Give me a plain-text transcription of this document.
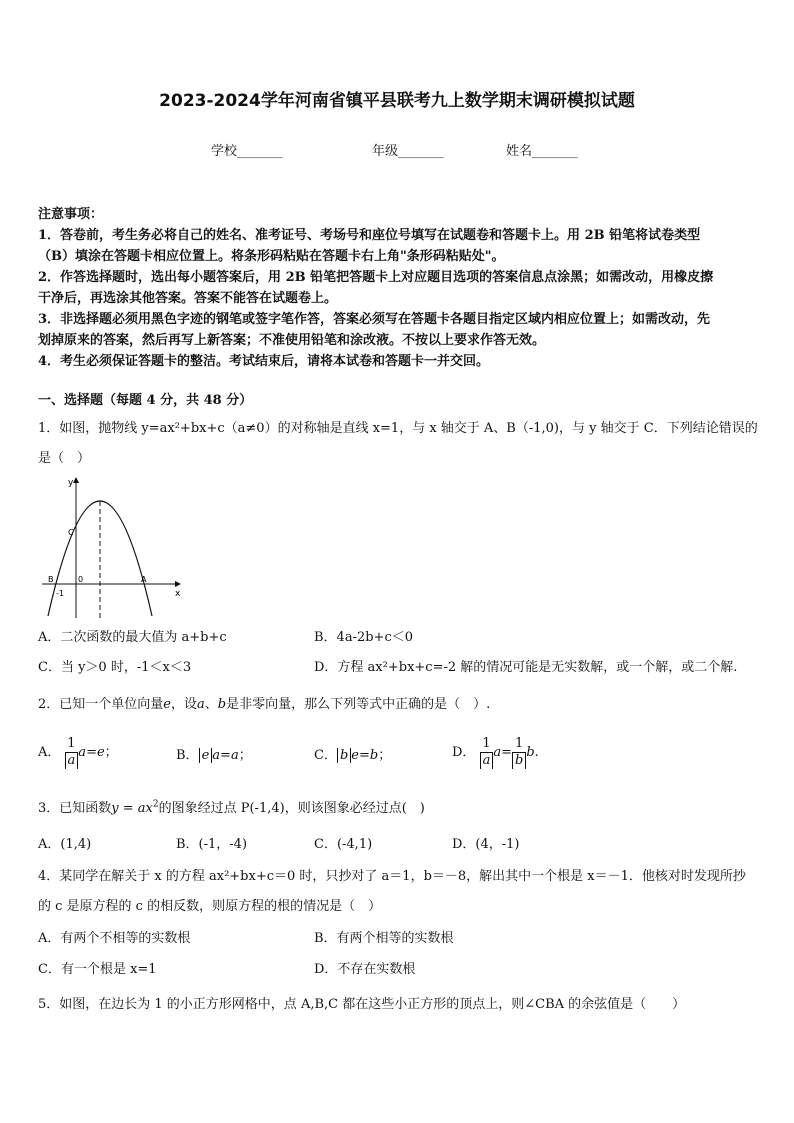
2023-2024学年河南省镇平县联考九上数学期末调研模拟试题
学校_______	年级_______	姓名_______
注意事项：
1．答卷前，考生务必将自己的姓名、准考证号、考场号和座位号填写在试题卷和答题卡上。用 2B 铅笔将试卷类型
（B）填涂在答题卡相应位置上。将条形码粘贴在答题卡右上角"条形码粘贴处"。
2．作答选择题时，选出每小题答案后，用 2B 铅笔把答题卡上对应题目选项的答案信息点涂黑；如需改动，用橡皮擦
干净后，再选涂其他答案。答案不能答在试题卷上。
3．非选择题必须用黑色字迹的钢笔或签字笔作答，答案必须写在答题卡各题目指定区域内相应位置上；如需改动，先
划掉原来的答案，然后再写上新答案；不准使用铅笔和涂改液。不按以上要求作答无效。
4．考生必须保证答题卡的整洁。考试结束后，请将本试卷和答题卡一并交回。
一、选择题（每题 4 分，共 48 分）
1．如图，抛物线 y=ax²+bx+c（a≠0）的对称轴是直线 x=1，与 x 轴交于 A、B（-1,0)，与 y 轴交于 C．下列结论错误的
是（　）
y
x
C
0
B	A
-1
A．二次函数的最大值为 a+b+c	B．4a-2b+c＜0
C．当 y＞0 时，-1＜x＜3	D．方程 ax²+bx+c=-2 解的情况可能是无实数解，或一个解，或二个解.
2．已知一个单位向量e，设a、b是非零向量，那么下列等式中正确的是（　）.
A． $\frac{1}{a}a=e$；	B． e a=a；	C． b e=b；	D． $\frac{1}{a}a= \frac{1}{b}b$.
3．已知函数$y = ax^2$的图象经过点 P(-1,4)，则该图象必经过点(　)
A．(1,4)	B．(-1，-4)	C．(-4,1)	D．(4，-1)
4．某同学在解关于 x 的方程 ax²+bx+c＝0 时，只抄对了 a＝1，b＝－8，解出其中一个根是 x＝－1．他核对时发现所抄
的 c 是原方程的 c 的相反数，则原方程的根的情况是（　）
A．有两个不相等的实数根	B．有两个相等的实数根
C．有一个根是 x=1	D．不存在实数根
5．如图，在边长为 1 的小正方形网格中，点 A,B,C 都在这些小正方形的顶点上，则∠CBA 的余弦值是（　　）
